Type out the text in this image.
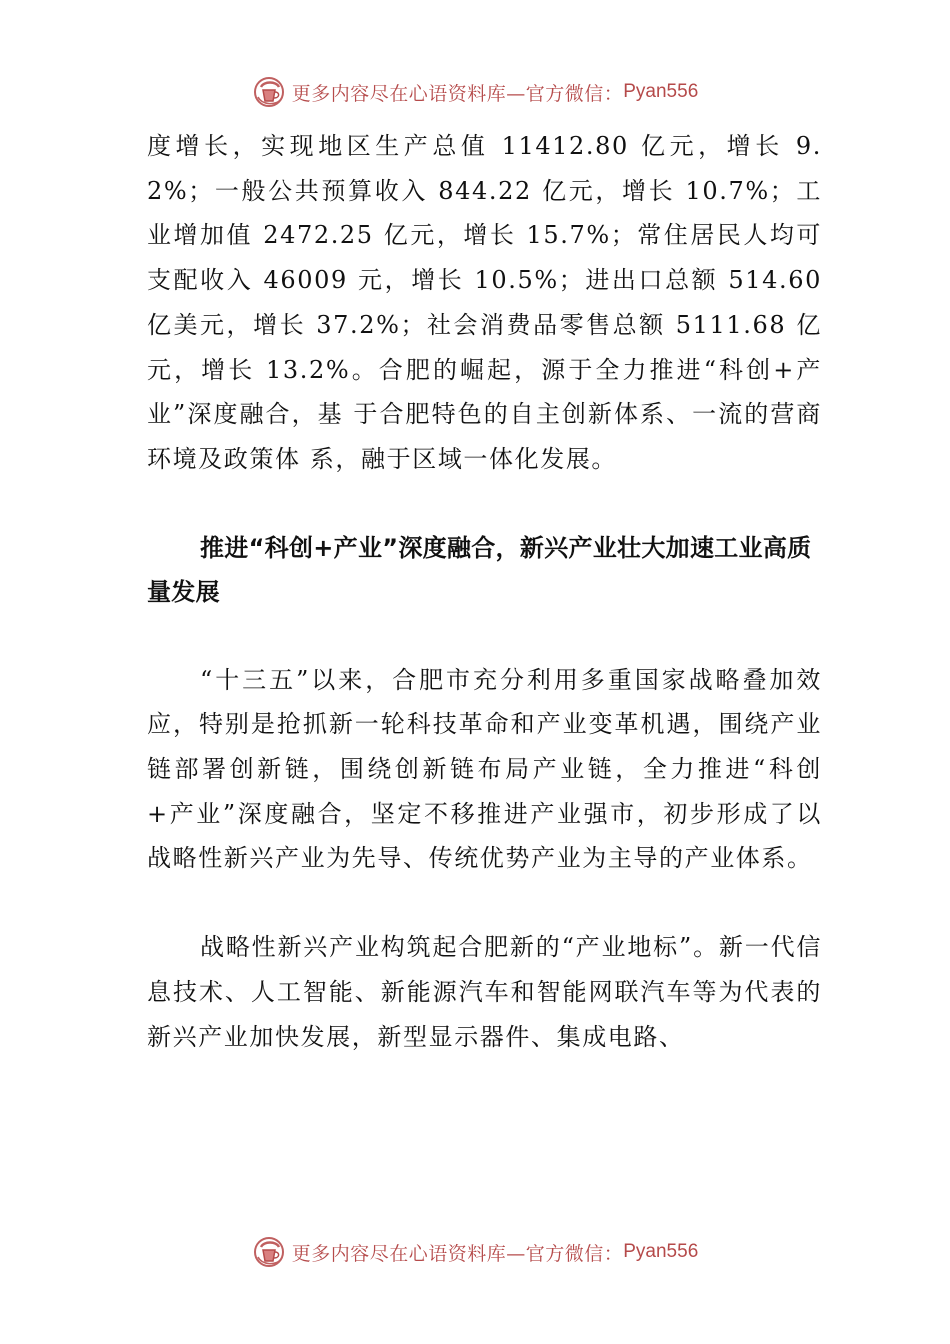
更多内容尽在心语资料库—官方微信： Pyan556

度增长，实现地区生产总值 11412.80 亿元，增长 9.2%；一般公共预算收入 844.22 亿元，增长 10.7%；工业增加值 2472.25 亿元，增长 15.7%；常住居民人均可支配收入 46009 元，增长 10.5%；进出口总额 514.60 亿美元，增长 37.2%；社会消费品零售总额 5111.68 亿元，增长 13.2%。合肥的崛起，源于全力推进“科创+产业”深度融合，基 于合肥特色的自主创新体系、一流的营商环境及政策体 系，融于区域一体化发展。

推进“科创+产业”深度融合，新兴产业壮大加速工业高质量发展

“十三五”以来，合肥市充分利用多重国家战略叠加效应，特别是抢抓新一轮科技革命和产业变革机遇，围绕产业链部署创新链，围绕创新链布局产业链，全力推进“科创+产业”深度融合，坚定不移推进产业强市，初步形成了以战略性新兴产业为先导、传统优势产业为主导的产业体系。

战略性新兴产业构筑起合肥新的“产业地标”。新一代信息技术、人工智能、新能源汽车和智能网联汽车等为代表的新兴产业加快发展，新型显示器件、集成电路、

更多内容尽在心语资料库—官方微信： Pyan556
